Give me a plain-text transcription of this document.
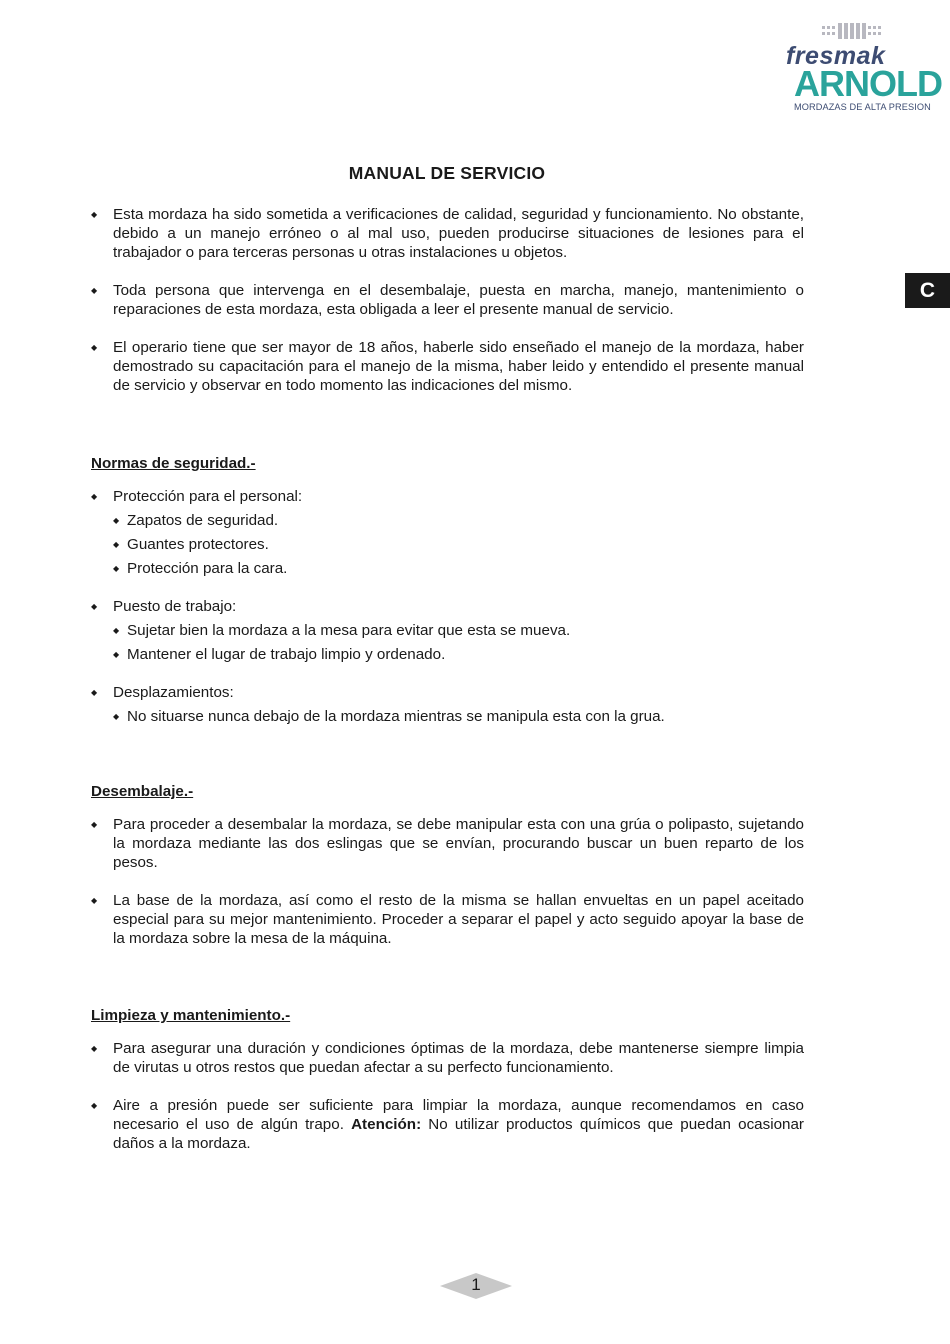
fresmak
ARNOLD
MORDAZAS DE ALTA PRESION
C
MANUAL DE SERVICIO
◆ Esta mordaza ha sido sometida a verificaciones de calidad, seguridad y funcionamiento. No obstante, debido a un manejo erróneo o al mal uso, pueden producirse situaciones de lesiones para el trabajador o para terceras personas u otras instalaciones u objetos.
◆ Toda persona que intervenga en el desembalaje, puesta en marcha, manejo, mantenimiento o reparaciones de esta mordaza, esta obligada a leer el presente manual de servicio.
◆ El operario tiene que ser mayor de 18 años, haberle sido enseñado el manejo de la mordaza, haber demostrado su capacitación para el manejo de la misma, haber leido y entendido el presente manual de servicio y observar en todo momento las indicaciones del mismo.
Normas de seguridad.-
◆ Protección para el personal:
◆ Zapatos de seguridad.
◆ Guantes protectores.
◆ Protección para la cara.
◆ Puesto de trabajo:
◆ Sujetar bien la mordaza a la mesa para evitar que esta se mueva.
◆ Mantener el lugar de trabajo limpio y ordenado.
◆ Desplazamientos:
◆ No situarse nunca debajo de la mordaza mientras se manipula esta con la grua.
Desembalaje.-
◆ Para proceder a desembalar la mordaza, se debe manipular esta con una grúa o polipasto, sujetando la mordaza mediante las dos eslingas que se envían, procurando buscar un buen reparto de los pesos.
◆ La base de la mordaza, así como el resto de la misma se hallan envueltas en un papel aceitado especial para su mejor mantenimiento. Proceder a separar el papel y acto seguido apoyar la base de la mordaza sobre la mesa de la máquina.
Limpieza y mantenimiento.-
◆ Para asegurar una duración y condiciones óptimas de la mordaza, debe mantenerse siempre limpia de virutas u otros restos que puedan afectar a su perfecto funcionamiento.
◆ Aire a presión puede ser suficiente para limpiar la mordaza, aunque recomendamos en caso necesario el uso de algún trapo. Atención: No utilizar productos químicos que puedan ocasionar daños a la mordaza.
1
